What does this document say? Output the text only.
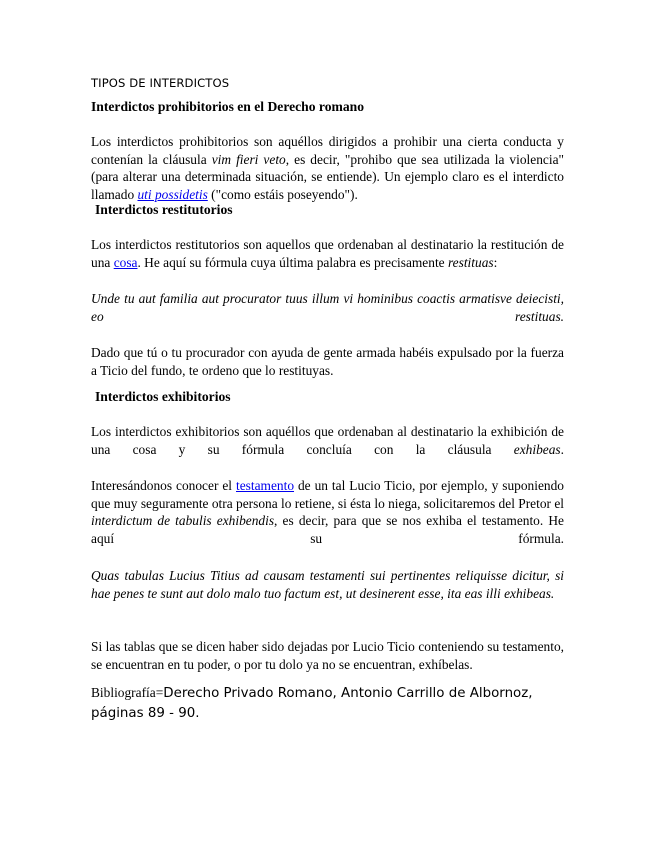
TIPOS DE INTERDICTOS
Interdictos prohibitorios en el Derecho romano

Los interdictos prohibitorios son aquéllos dirigidos a prohibir una cierta conducta y contenían la cláusula vim fieri veto, es decir, "prohibo que sea utilizada la violencia" (para alterar una determinada situación, se entiende). Un ejemplo claro es el interdicto llamado uti possidetis ("como estáis poseyendo").

Interdictos restitutorios

Los interdictos restitutorios son aquellos que ordenaban al destinatario la restitución de una cosa. He aquí su fórmula cuya última palabra es precisamente restituas:

Unde tu aut familia aut procurator tuus illum vi hominibus coactis armatisve deiecisti, eo restituas.

Dado que tú o tu procurador con ayuda de gente armada habéis expulsado por la fuerza a Ticio del fundo, te ordeno que lo restituyas.

Interdictos exhibitorios

Los interdictos exhibitorios son aquéllos que ordenaban al destinatario la exhibición de una cosa y su fórmula concluía con la cláusula exhibeas.

Interesándonos conocer el testamento de un tal Lucio Ticio, por ejemplo, y suponiendo que muy seguramente otra persona lo retiene, si ésta lo niega, solicitaremos del Pretor el interdictum de tabulis exhibendis, es decir, para que se nos exhiba el testamento. He aquí su fórmula.

Quas tabulas Lucius Titius ad causam testamenti sui pertinentes reliquisse dicitur, si hae penes te sunt aut dolo malo tuo factum est, ut desinerent esse, ita eas illi exhibeas.

Si las tablas que se dicen haber sido dejadas por Lucio Ticio conteniendo su testamento, se encuentran en tu poder, o por tu dolo ya no se encuentran, exhíbelas.

Bibliografía=Derecho Privado Romano, Antonio Carrillo de Albornoz, páginas 89 - 90.
